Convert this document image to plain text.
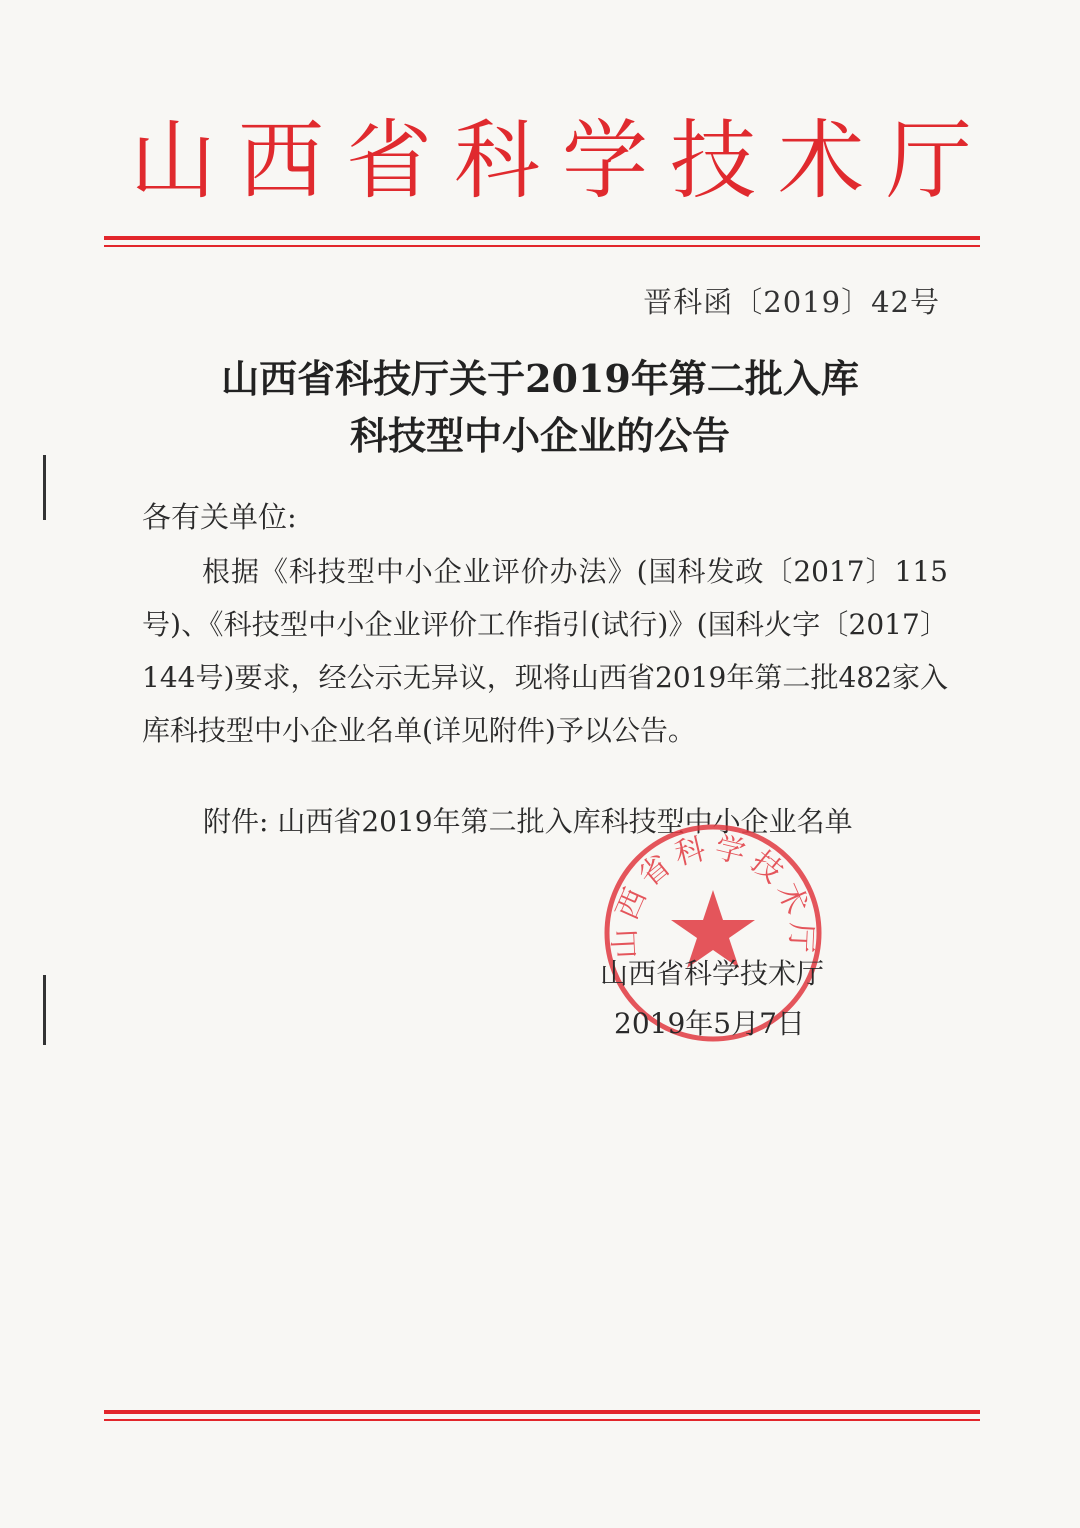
山西省科学技术厅
晋科函〔2019〕42号
山西省科技厅关于2019年第二批入库
科技型中小企业的公告
各有关单位:

根据《科技型中小企业评价办法》(国科发政〔2017〕115号)、《科技型中小企业评价工作指引(试行)》(国科火字〔2017〕144号)要求，经公示无异议，现将山西省2019年第二批482家入库科技型中小企业名单(详见附件)予以公告。

附件: 山西省2019年第二批入库科技型中小企业名单
山西省科学技术厅
山西省科学技术厅
2019年5月7日
